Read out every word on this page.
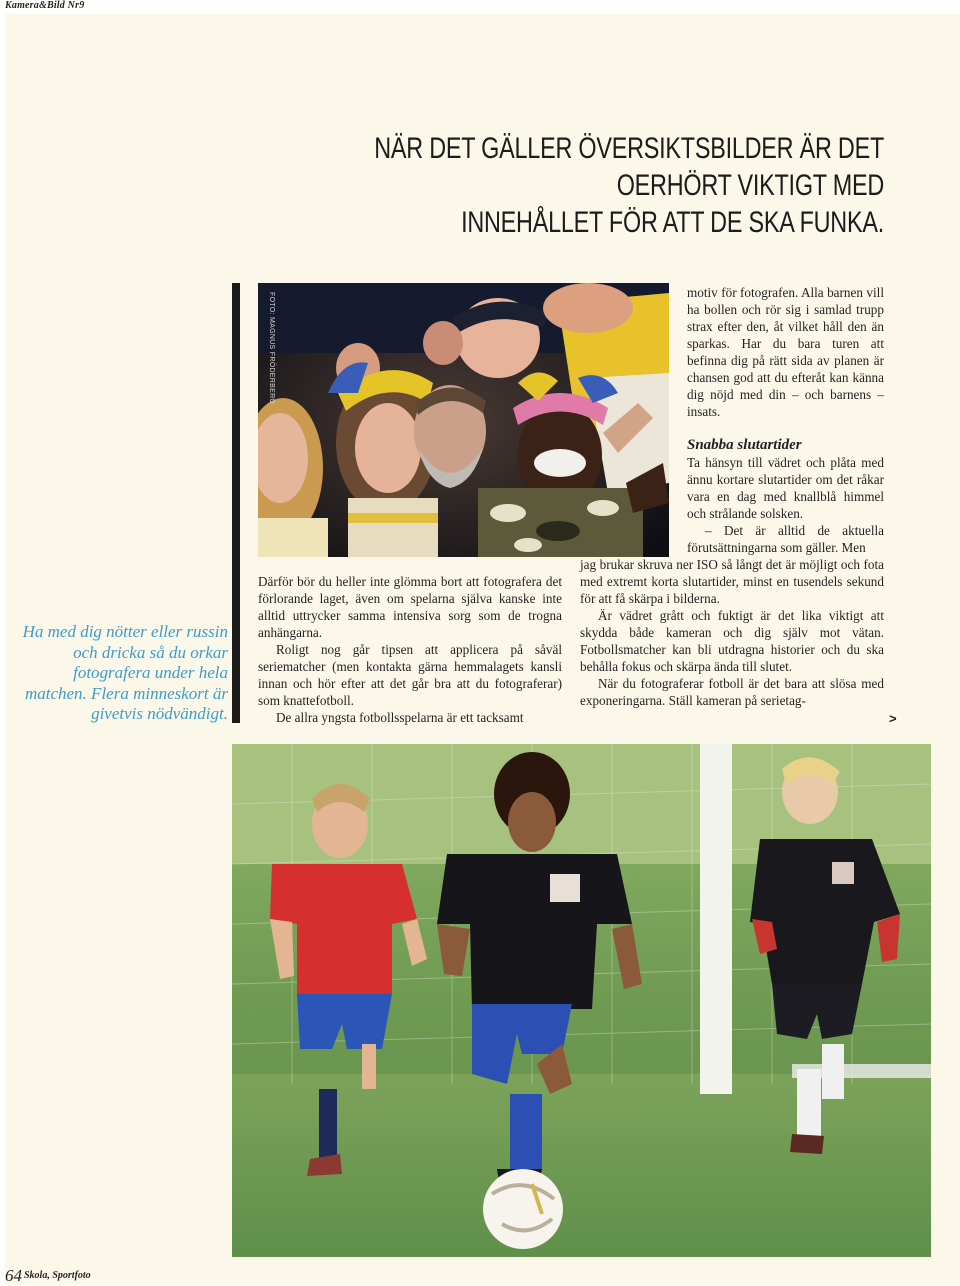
Kamera&Bild Nr9
NÄR DET GÄLLER ÖVERSIKTSBILDER ÄR DET OERHÖRT VIKTIGT MED
INNEHÅLLET FÖR ATT DE SKA FUNKA.
FOTO: MAGNUS FRÖDERBERG
Ha med dig nötter eller russin och dricka så du orkar fotografera under hela matchen. Flera minneskort är givetvis nödvändigt.

Därför bör du heller inte glömma bort att fotografera det förlorande laget, även om spelarna själva kanske inte alltid uttrycker samma intensiva sorg som de trogna anhängarna.

Roligt nog går tipsen att applicera på såväl seriematcher (men kontakta gärna hemmalagets kansli innan och hör efter att det går bra att du fotograferar) som knattefotboll.

De allra yngsta fotbollsspelarna är ett tacksamt

motiv för fotografen. Alla barnen vill ha bollen och rör sig i samlad trupp strax efter den, åt vilket håll den än sparkas. Har du bara turen att befinna dig på rätt sida av planen är chansen god att du efteråt kan känna dig nöjd med din – och barnens – insats.

Snabba slutartider

Ta hänsyn till vädret och plåta med ännu kortare slutartider om det råkar vara en dag med knallblå himmel och strålande solsken.

– Det är alltid de aktuella förutsättningarna som gäller. Men

jag brukar skruva ner ISO så långt det är möjligt och fota med extremt korta slutartider, minst en tusendels sekund för att få skärpa i bilderna.

Är vädret grått och fuktigt är det lika viktigt att skydda både kameran och dig själv mot vätan. Fotbollsmatcher kan bli utdragna historier och du ska behålla fokus och skärpa ända till slutet.

När du fotograferar fotboll är det bara att slösa med exponeringarna. Ställ kameran på serietag-

>
64 Skola, Sportfoto
